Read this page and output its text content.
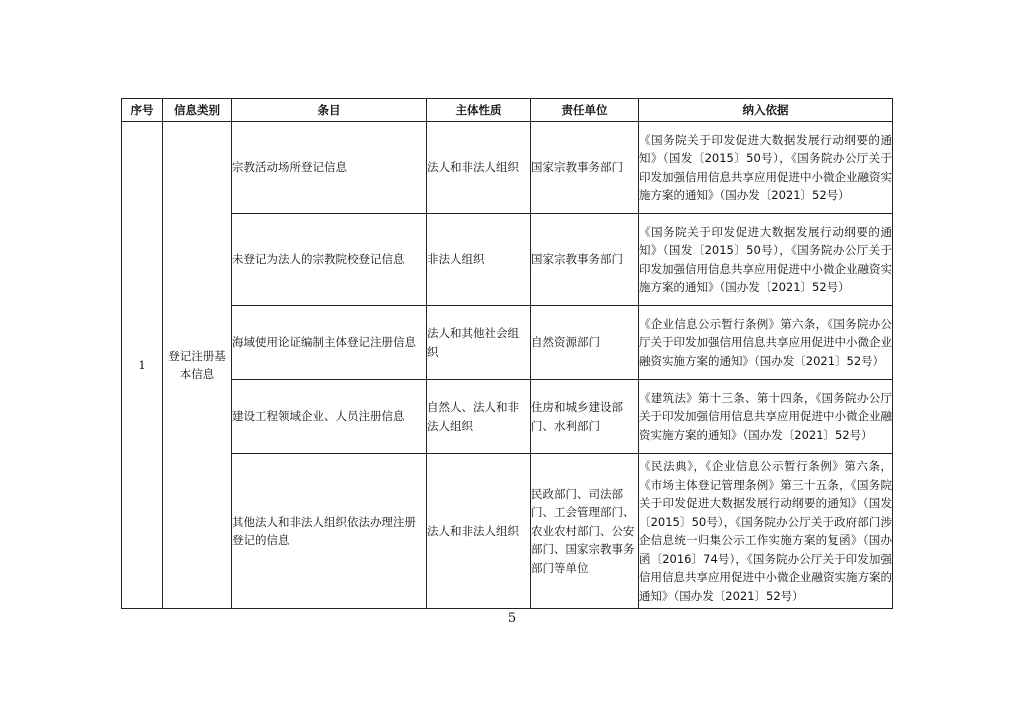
序号	信息类别	条目	主体性质	责任单位	纳入依据
1	登记注册基本信息	宗教活动场所登记信息	法人和非法人组织	国家宗教事务部门	《国务院关于印发促进大数据发展行动纲要的通知》（国发〔2015〕50号），《国务院办公厅关于印发加强信用信息共享应用促进中小微企业融资实施方案的通知》（国办发〔2021〕52号）
		未登记为法人的宗教院校登记信息	非法人组织	国家宗教事务部门	《国务院关于印发促进大数据发展行动纲要的通知》（国发〔2015〕50号），《国务院办公厅关于印发加强信用信息共享应用促进中小微企业融资实施方案的通知》（国办发〔2021〕52号）
		海域使用论证编制主体登记注册信息	法人和其他社会组织	自然资源部门	《企业信息公示暂行条例》第六条，《国务院办公厅关于印发加强信用信息共享应用促进中小微企业融资实施方案的通知》（国办发〔2021〕52号）
		建设工程领域企业、人员注册信息	自然人、法人和非法人组织	住房和城乡建设部门、水利部门	《建筑法》第十三条、第十四条，《国务院办公厅关于印发加强信用信息共享应用促进中小微企业融资实施方案的通知》（国办发〔2021〕52号）
		其他法人和非法人组织依法办理注册登记的信息	法人和非法人组织	民政部门、司法部门、工会管理部门、农业农村部门、公安部门、国家宗教事务部门等单位	《民法典》，《企业信息公示暂行条例》第六条，《市场主体登记管理条例》第三十五条，《国务院关于印发促进大数据发展行动纲要的通知》（国发〔2015〕50号），《国务院办公厅关于政府部门涉企信息统一归集公示工作实施方案的复函》（国办函〔2016〕74号），《国务院办公厅关于印发加强信用信息共享应用促进中小微企业融资实施方案的通知》（国办发〔2021〕52号）
5
